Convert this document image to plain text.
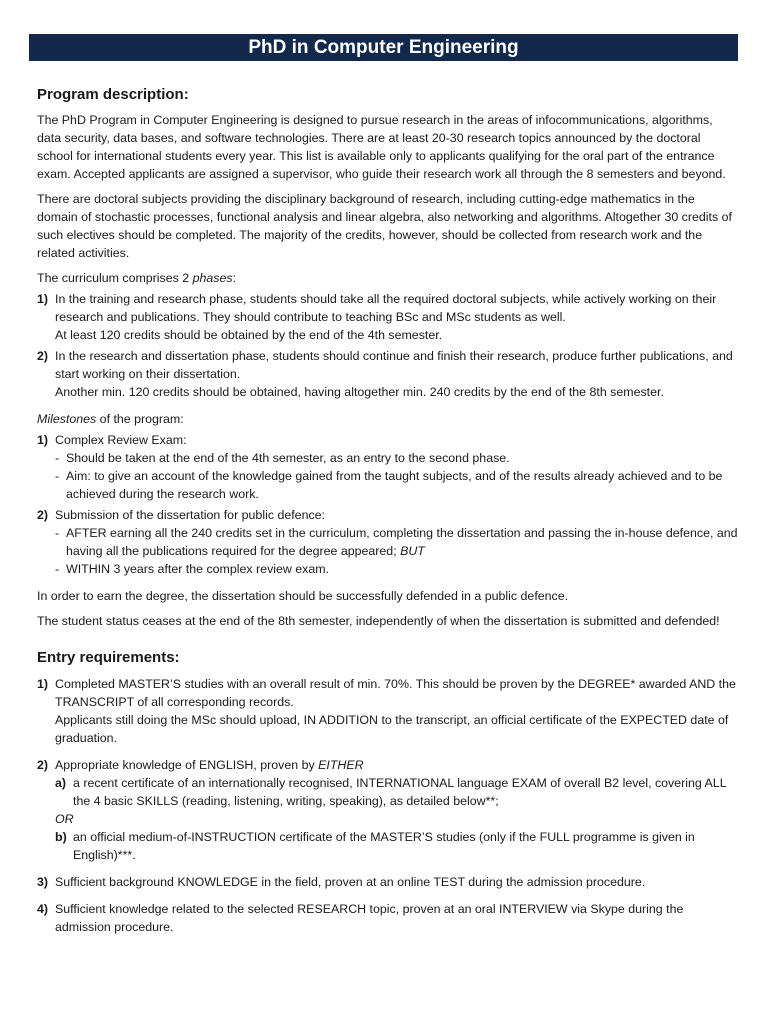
PhD in Computer Engineering
Program description:

The PhD Program in Computer Engineering is designed to pursue research in the areas of infocommunications, algorithms, data security, data bases, and software technologies. There are at least 20-30 research topics announced by the doctoral school for international students every year. This list is available only to applicants qualifying for the oral part of the entrance exam. Accepted applicants are assigned a supervisor, who guide their research work all through the 8 semesters and beyond.

There are doctoral subjects providing the disciplinary background of research, including cutting-edge mathematics in the domain of stochastic processes, functional analysis and linear algebra, also networking and algorithms. Altogether 30 credits of such electives should be completed. The majority of the credits, however, should be collected from research work and the related activities.

The curriculum comprises 2 phases:

1) In the training and research phase, students should take all the required doctoral subjects, while actively working on their research and publications. They should contribute to teaching BSc and MSc students as well.

At least 120 credits should be obtained by the end of the 4th semester.

2) In the research and dissertation phase, students should continue and finish their research, produce further publications, and start working on their dissertation.

Another min. 120 credits should be obtained, having altogether min. 240 credits by the end of the 8th semester.

Milestones of the program:

1) Complex Review Exam:

- Should be taken at the end of the 4th semester, as an entry to the second phase.
- Aim: to give an account of the knowledge gained from the taught subjects, and of the results already achieved and to be achieved during the research work.
2) Submission of the dissertation for public defence:

- AFTER earning all the 240 credits set in the curriculum, completing the dissertation and passing the in-house defence, and having all the publications required for the degree appeared; BUT
- WITHIN 3 years after the complex review exam.

In order to earn the degree, the dissertation should be successfully defended in a public defence.

The student status ceases at the end of the 8th semester, independently of when the dissertation is submitted and defended!

Entry requirements:
1) Completed MASTER’S studies with an overall result of min. 70%. This should be proven by the DEGREE* awarded AND the TRANSCRIPT of all corresponding records.

Applicants still doing the MSc should upload, IN ADDITION to the transcript, an official certificate of the EXPECTED date of graduation.

2) Appropriate knowledge of ENGLISH, proven by EITHER

a) a recent certificate of an internationally recognised, INTERNATIONAL language EXAM of overall B2 level, covering ALL the 4 basic SKILLS (reading, listening, writing, speaking), as detailed below**;

OR

b) an official medium-of-INSTRUCTION certificate of the MASTER’S studies (only if the FULL programme is given in English)***.
3) Sufficient background KNOWLEDGE in the field, proven at an online TEST during the admission procedure.

4) Sufficient knowledge related to the selected RESEARCH topic, proven at an oral INTERVIEW via Skype during the admission procedure.
